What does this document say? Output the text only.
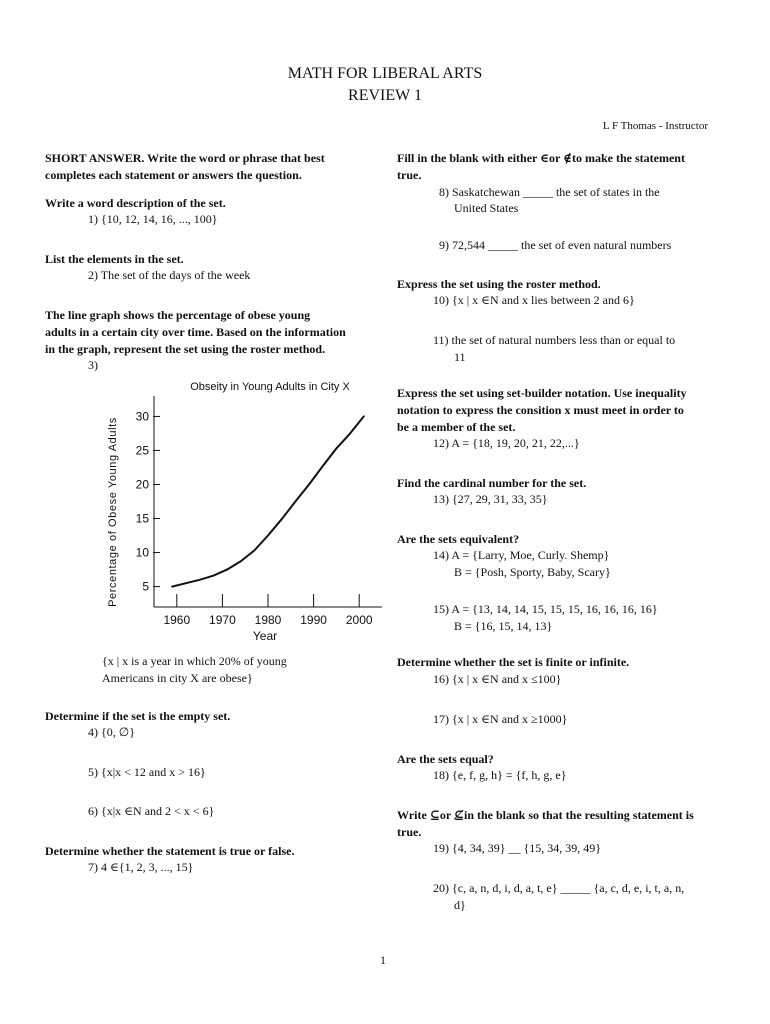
MATH FOR LIBERAL ARTS
REVIEW 1
L F Thomas - Instructor
SHORT ANSWER. Write the word or phrase that best
completes each statement or answers the question.
Write a word description of the set.
1) {10, 12, 14, 16, ..., 100}
List the elements in the set.
2) The set of the days of the week
The line graph shows the percentage of obese young
adults in a certain city over time. Based on the information
in the graph, represent the set using the roster method.
3)
Obseity in Young Adults in City X
Percentage of Obese Young Adults
Year
5
10
15
20
25
30
1960 1970 1980 1990 2000
{x | x is a year in which 20% of young
Americans in city X are obese}
Determine if the set is the empty set.
4) {0, ∅}
5) {x|x < 12 and x > 16}
6) {x|x ∈N and 2 < x < 6}
Determine whether the statement is true or false.
7) 4 ∈{1, 2, 3, ..., 15}
Fill in the blank with either ∈or ∉to make the statement
true.
8) Saskatchewan _____ the set of states in the
United States
9) 72,544 _____ the set of even natural numbers
Express the set using the roster method.
10) {x | x ∈N and x lies between 2 and 6}
11) the set of natural numbers less than or equal to
11
Express the set using set-builder notation. Use inequality
notation to express the consition x must meet in order to
be a member of the set.
12) A = {18, 19, 20, 21, 22,...}
Find the cardinal number for the set.
13) {27, 29, 31, 33, 35}
Are the sets equivalent?
14) A = {Larry, Moe, Curly. Shemp}
B = {Posh, Sporty, Baby, Scary}
15) A = {13, 14, 14, 15, 15, 15, 16, 16, 16, 16}
B = {16, 15, 14, 13}
Determine whether the set is finite or infinite.
16) {x | x ∈N and x ≤100}
17) {x | x ∈N and x ≥1000}
Are the sets equal?
18) {e, f, g, h} = {f, h, g, e}
Write ⊆or ⊈in the blank so that the resulting statement is
true.
19) {4, 34, 39} __ {15, 34, 39, 49}
20) {c, a, n, d, i, d, a, t, e} _____ {a, c, d, e, i, t, a, n,
d}
1
